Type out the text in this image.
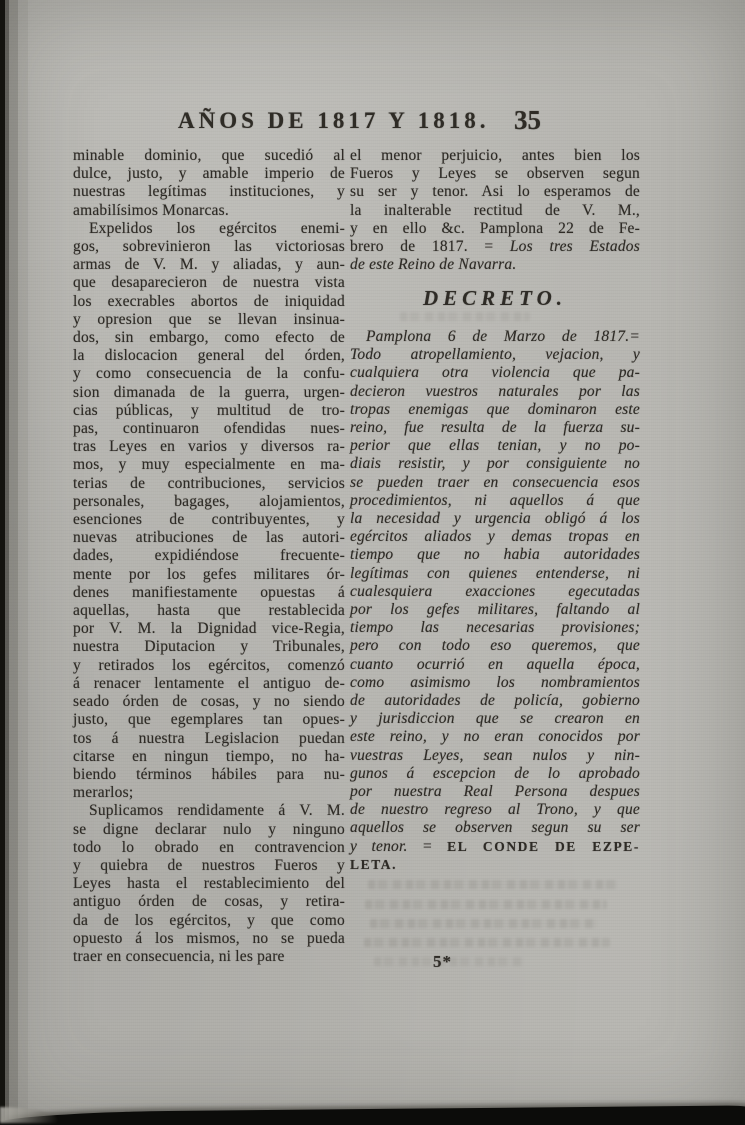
AÑOS DE 1817 Y 1818. 35
minable dominio, que sucedió al
dulce, justo, y amable imperio de
nuestras legítimas instituciones, y
amabilísimos Monarcas.
Expelidos los egércitos enemi-
gos, sobrevinieron las victoriosas
armas de V. M. y aliadas, y aun-
que desaparecieron de nuestra vista
los execrables abortos de iniquidad
y opresion que se llevan insinua-
dos, sin embargo, como efecto de
la dislocacion general del órden,
y como consecuencia de la confu-
sion dimanada de la guerra, urgen-
cias públicas, y multitud de tro-
pas, continuaron ofendidas nues-
tras Leyes en varios y diversos ra-
mos, y muy especialmente en ma-
terias de contribuciones, servicios
personales, bagages, alojamientos,
esenciones de contribuyentes, y
nuevas atribuciones de las autori-
dades, expidiéndose frecuente-
mente por los gefes militares ór-
denes manifiestamente opuestas á
aquellas, hasta que restablecida
por V. M. la Dignidad vice-Regia,
nuestra Diputacion y Tribunales,
y retirados los egércitos, comenzó
á renacer lentamente el antiguo de-
seado órden de cosas, y no siendo
justo, que egemplares tan opues-
tos á nuestra Legislacion puedan
citarse en ningun tiempo, no ha-
biendo términos hábiles para nu-
merarlos;
Suplicamos rendidamente á V. M.
se digne declarar nulo y ninguno
todo lo obrado en contravencion
y quiebra de nuestros Fueros y
Leyes hasta el restablecimiento del
antiguo órden de cosas, y retira-
da de los egércitos, y que como
opuesto á los mismos, no se pueda
traer en consecuencia, ni les pare
el menor perjuicio, antes bien los
Fueros y Leyes se observen segun
su ser y tenor. Asi lo esperamos de
la inalterable rectitud de V. M.,
y en ello &c. Pamplona 22 de Fe-
brero de 1817. = Los tres Estados
de este Reino de Navarra.
DECRETO.
Pamplona 6 de Marzo de 1817.=
Todo atropellamiento, vejacion, y
cualquiera otra violencia que pa-
decieron vuestros naturales por las
tropas enemigas que dominaron este
reino, fue resulta de la fuerza su-
perior que ellas tenian, y no po-
diais resistir, y por consiguiente no
se pueden traer en consecuencia esos
procedimientos, ni aquellos á que
la necesidad y urgencia obligó á los
egércitos aliados y demas tropas en
tiempo que no habia autoridades
legítimas con quienes entenderse, ni
cualesquiera exacciones egecutadas
por los gefes militares, faltando al
tiempo las necesarias provisiones;
pero con todo eso queremos, que
cuanto ocurrió en aquella época,
como asimismo los nombramientos
de autoridades de policía, gobierno
y jurisdiccion que se crearon en
este reino, y no eran conocidos por
vuestras Leyes, sean nulos y nin-
gunos á escepcion de lo aprobado
por nuestra Real Persona despues
de nuestro regreso al Trono, y que
aquellos se observen segun su ser
y tenor. = EL CONDE DE EZPE-
LETA.
5*
